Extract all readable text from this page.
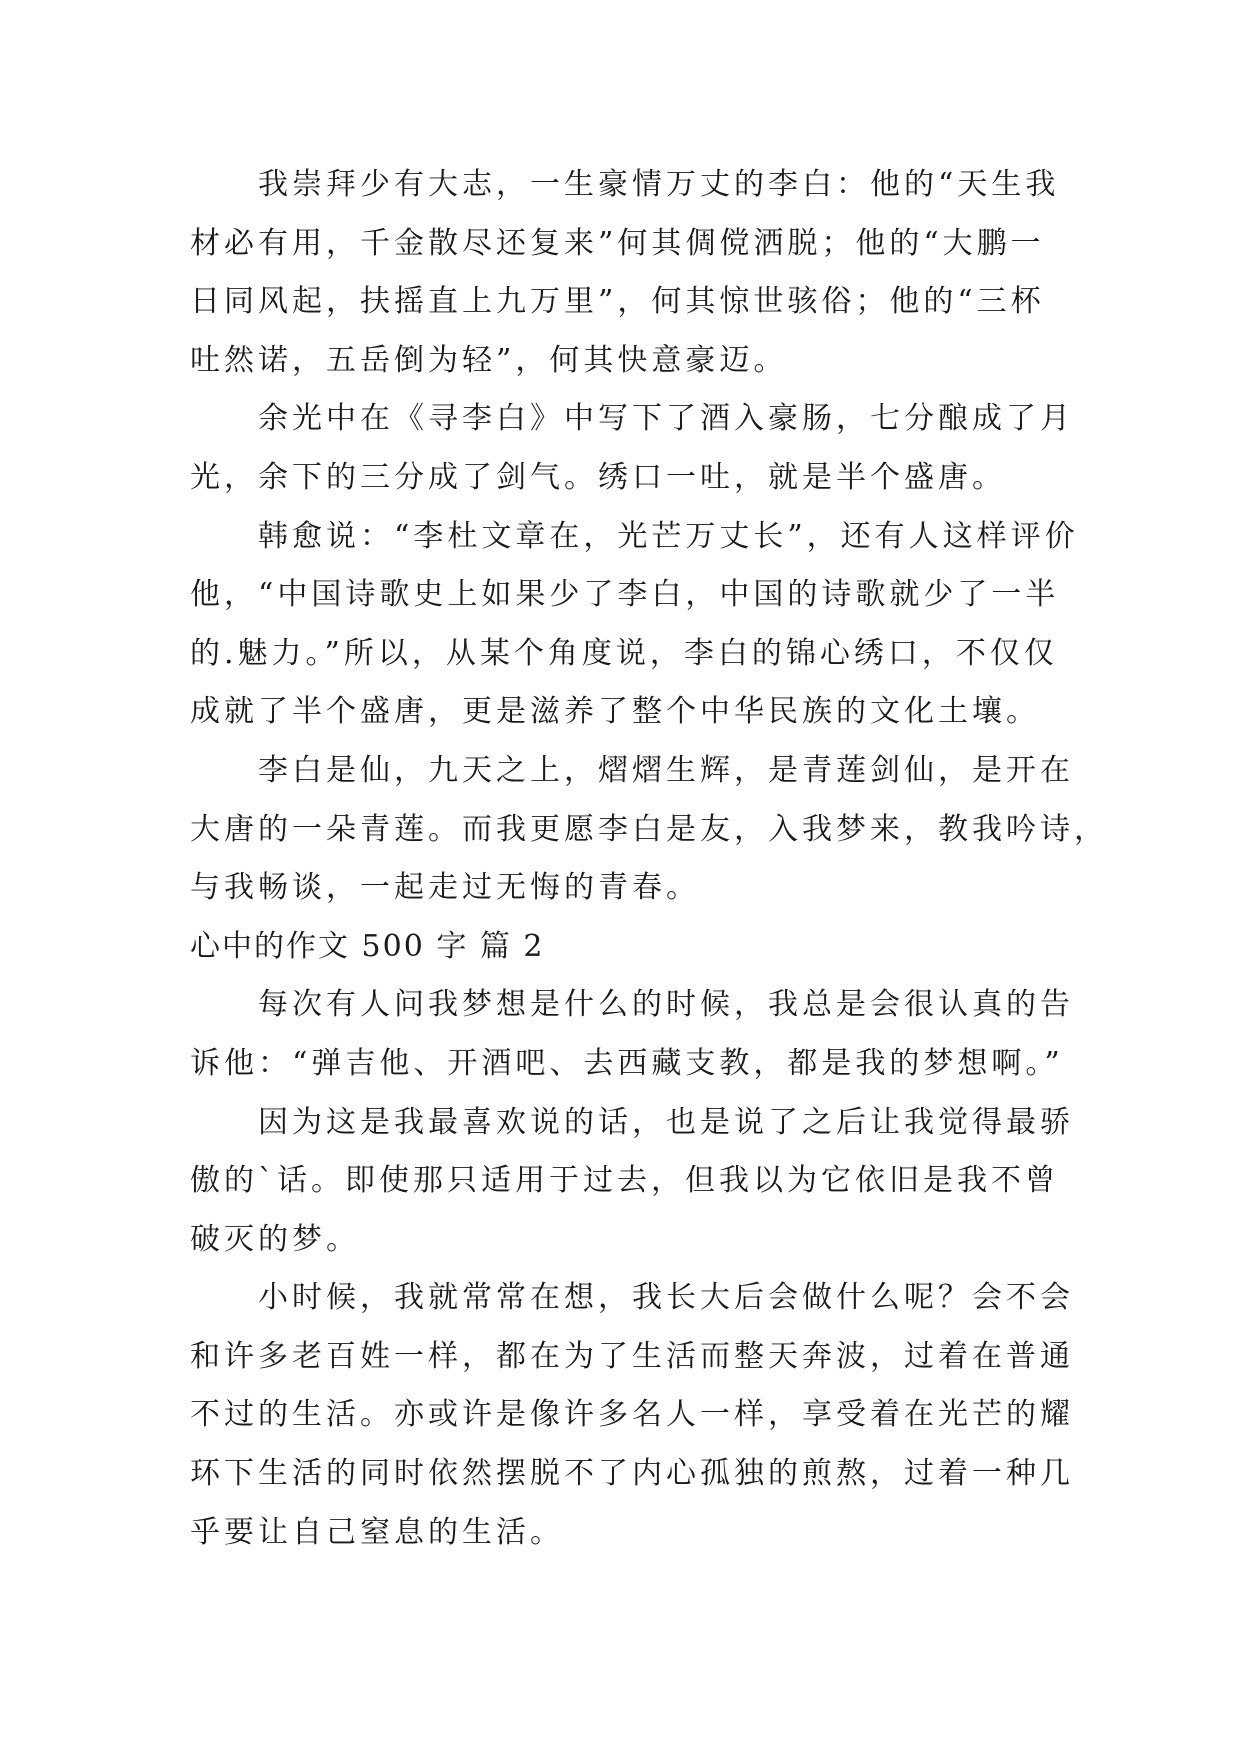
我崇拜少有大志，一生豪情万丈的李白：他的“天生我
材必有用，千金散尽还复来”何其倜傥洒脱；他的“大鹏一
日同风起，扶摇直上九万里”，何其惊世骇俗；他的“三杯
吐然诺，五岳倒为轻”，何其快意豪迈。
余光中在《寻李白》中写下了酒入豪肠，七分酿成了月
光，余下的三分成了剑气。绣口一吐，就是半个盛唐。
韩愈说：“李杜文章在，光芒万丈长”，还有人这样评价
他，“中国诗歌史上如果少了李白，中国的诗歌就少了一半
的.魅力。”所以，从某个角度说，李白的锦心绣口，不仅仅
成就了半个盛唐，更是滋养了整个中华民族的文化土壤。
李白是仙，九天之上，熠熠生辉，是青莲剑仙，是开在
大唐的一朵青莲。而我更愿李白是友，入我梦来，教我吟诗，
与我畅谈，一起走过无悔的青春。
心中的作文 500 字 篇 2
每次有人问我梦想是什么的时候，我总是会很认真的告
诉他：“弹吉他、开酒吧、去西藏支教，都是我的梦想啊。”
因为这是我最喜欢说的话，也是说了之后让我觉得最骄
傲的`话。即使那只适用于过去，但我以为它依旧是我不曾
破灭的梦。
小时候，我就常常在想，我长大后会做什么呢？会不会
和许多老百姓一样，都在为了生活而整天奔波，过着在普通
不过的生活。亦或许是像许多名人一样，享受着在光芒的耀
环下生活的同时依然摆脱不了内心孤独的煎熬，过着一种几
乎要让自己窒息的生活。
